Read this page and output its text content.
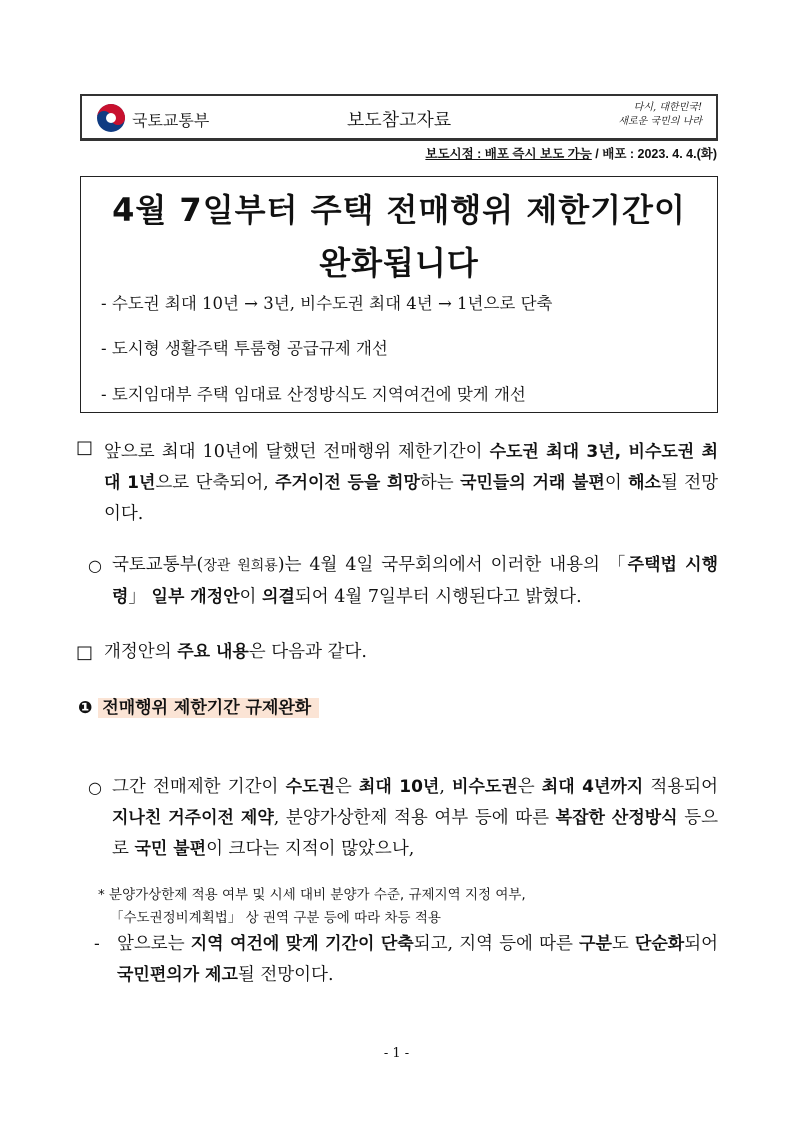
국토교통부	보도참고자료
다시, 대한민국!
새로운 국민의 나라
보도시점 : 배포 즉시 보도 가능 / 배포 : 2023. 4. 4.(화)
4월 7일부터 주택 전매행위 제한기간이
완화됩니다
- 수도권 최대 10년 → 3년, 비수도권 최대 4년 → 1년으로 단축
- 도시형 생활주택 투룸형 공급규제 개선
- 토지임대부 주택 임대료 산정방식도 지역여건에 맞게 개선
□ 앞으로 최대 10년에 달했던 전매행위 제한기간이 수도권 최대 3년, 비수도권 최대 1년으로 단축되어, 주거이전 등을 희망하는 국민들의 거래 불편이 해소될 전망이다.
○ 국토교통부(장관 원희룡)는 4월 4일 국무회의에서 이러한 내용의 「주택법 시행령」 일부 개정안이 의결되어 4월 7일부터 시행된다고 밝혔다.
□ 개정안의 주요 내용은 다음과 같다.
❶ 전매행위 제한기간 규제완화
○ 그간 전매제한 기간이 수도권은 최대 10년, 비수도권은 최대 4년까지 적용되어 지나친 거주이전 제약, 분양가상한제 적용 여부 등에 따른 복잡한 산정방식 등으로 국민 불편이 크다는 지적이 많았으나,
* 분양가상한제 적용 여부 및 시세 대비 분양가 수준, 규제지역 지정 여부,
「수도권정비계획법」 상 권역 구분 등에 따라 차등 적용
- 앞으로는 지역 여건에 맞게 기간이 단축되고, 지역 등에 따른 구분도 단순화되어 국민편의가 제고될 전망이다.
- 1 -
